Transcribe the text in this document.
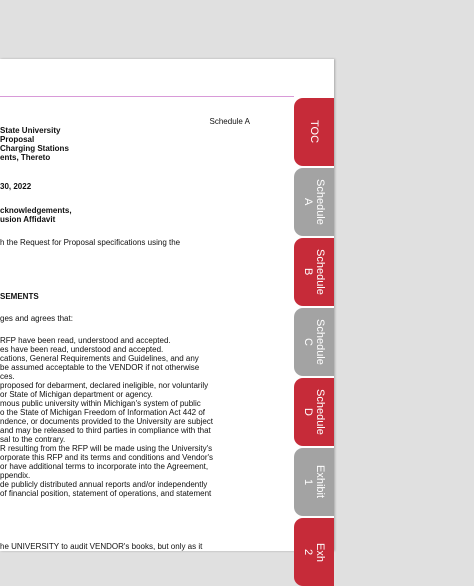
Schedule A

State University

Proposal

Charging Stations

ents, Thereto

30, 2022

cknowledgements,

usion Affidavit

h the Request for Proposal specifications using the

SEMENTS

ges and agrees that:

RFP have been read, understood and accepted.

es have been read, understood and accepted.

cations, General Requirements and Guidelines, and any

be assumed acceptable to the VENDOR if not otherwise

ces.

proposed for debarment, declared ineligible, nor voluntarily

or State of Michigan department or agency.

mous public university within Michigan's system of public

o the State of Michigan Freedom of Information Act 442 of

ndence, or documents provided to the University are subject

and may be released to third parties in compliance with that

sal to the contrary.

R resulting from the RFP will be made using the University's

orporate this RFP and its terms and conditions and Vendor's

or have additional terms to incorporate into the Agreement,

ppendix.

de publicly distributed annual reports and/or independently

of financial position, statement of operations, and statement

he UNIVERSITY to audit VENDOR's books, but only as it

TOC
Schedule
A
Schedule
B
Schedule
C
Schedule
D
Exhibit
1
Exh
2
